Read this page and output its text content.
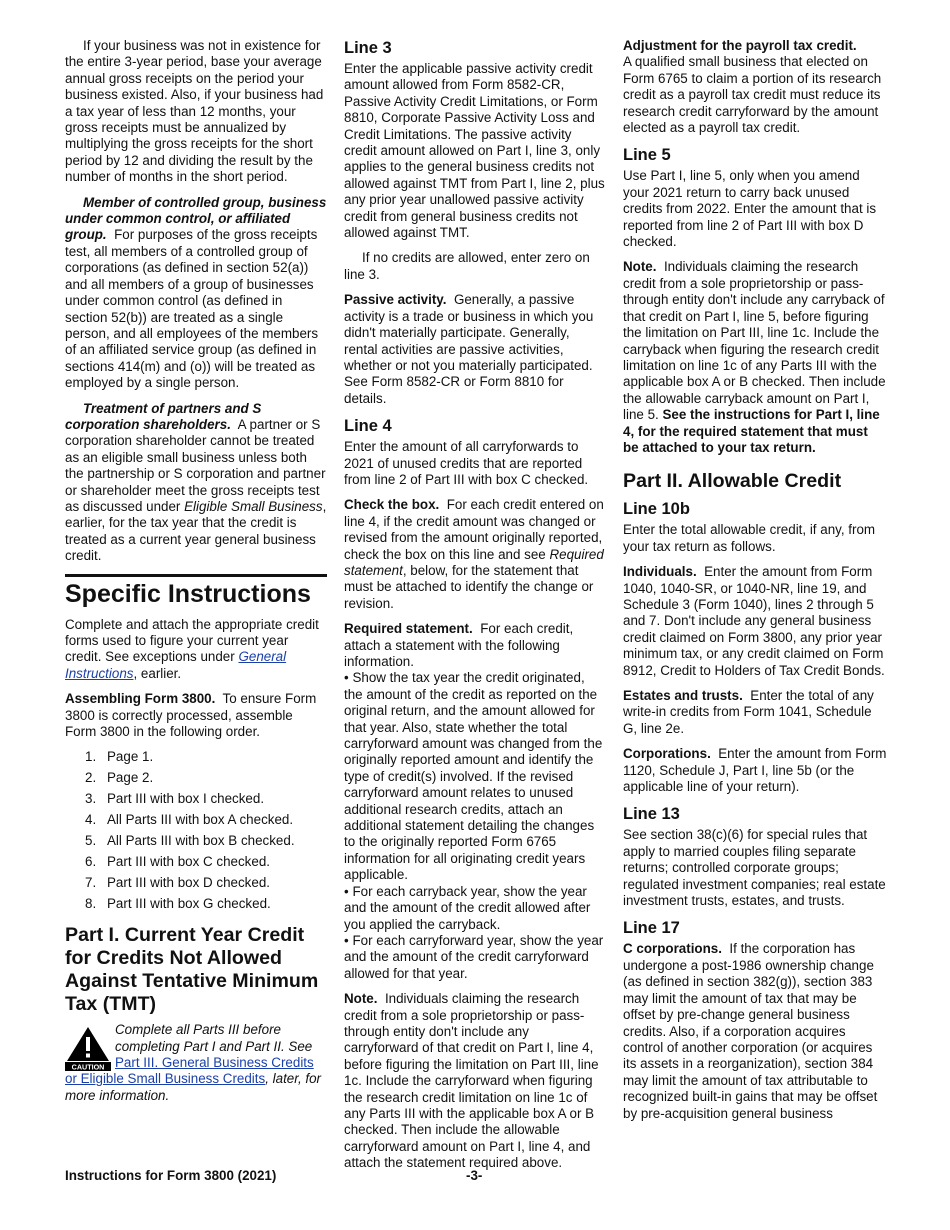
If your business was not in existence for the entire 3-year period, base your average annual gross receipts on the period your business existed. Also, if your business had a tax year of less than 12 months, your gross receipts must be annualized by multiplying the gross receipts for the short period by 12 and dividing the result by the number of months in the short period.

Member of controlled group, business under common control, or affiliated group. For purposes of the gross receipts test, all members of a controlled group of corporations (as defined in section 52(a)) and all members of a group of businesses under common control (as defined in section 52(b)) are treated as a single person, and all employees of the members of an affiliated service group (as defined in sections 414(m) and (o)) will be treated as employed by a single person.

Treatment of partners and S corporation shareholders. A partner or S corporation shareholder cannot be treated as an eligible small business unless both the partnership or S corporation and partner or shareholder meet the gross receipts test as discussed under Eligible Small Business, earlier, for the tax year that the credit is treated as a current year general business credit.

Specific Instructions

Complete and attach the appropriate credit forms used to figure your current year credit. See exceptions under General Instructions, earlier.

Assembling Form 3800. To ensure Form 3800 is correctly processed, assemble Form 3800 in the following order.

1. Page 1.
2. Page 2.
3. Part III with box I checked.
4. All Parts III with box A checked.
5. All Parts III with box B checked.
6. Part III with box C checked.
7. Part III with box D checked.
8. Part III with box G checked.
Part I. Current Year Credit for Credits Not Allowed Against Tentative Minimum Tax (TMT)
CAUTION

Complete all Parts III before completing Part I and Part II. See Part III. General Business Credits or Eligible Small Business Credits, later, for more information.

Line 3

Enter the applicable passive activity credit amount allowed from Form 8582-CR, Passive Activity Credit Limitations, or Form 8810, Corporate Passive Activity Loss and Credit Limitations. The passive activity credit amount allowed on Part I, line 3, only applies to the general business credits not allowed against TMT from Part I, line 2, plus any prior year unallowed passive activity credit from general business credits not allowed against TMT.

If no credits are allowed, enter zero on line 3.

Passive activity. Generally, a passive activity is a trade or business in which you didn't materially participate. Generally, rental activities are passive activities, whether or not you materially participated. See Form 8582-CR or Form 8810 for details.

Line 4

Enter the amount of all carryforwards to 2021 of unused credits that are reported from line 2 of Part III with box C checked.

Check the box. For each credit entered on line 4, if the credit amount was changed or revised from the amount originally reported, check the box on this line and see Required statement, below, for the statement that must be attached to identify the change or revision.

Required statement. For each credit, attach a statement with the following information.

• Show the tax year the credit originated, the amount of the credit as reported on the original return, and the amount allowed for that year. Also, state whether the total carryforward amount was changed from the originally reported amount and identify the type of credit(s) involved. If the revised carryforward amount relates to unused additional research credits, attach an additional statement detailing the changes to the originally reported Form 6765 information for all originating credit years applicable.

• For each carryback year, show the year and the amount of the credit allowed after you applied the carryback.

• For each carryforward year, show the year and the amount of the credit carryforward allowed for that year.

Note. Individuals claiming the research credit from a sole proprietorship or pass-through entity don't include any carryforward of that credit on Part I, line 4, before figuring the limitation on Part III, line 1c. Include the carryforward when figuring the research credit limitation on line 1c of any Parts III with the applicable box A or B checked. Then include the allowable carryforward amount on Part I, line 4, and attach the statement required above.

Adjustment for the payroll tax credit.
A qualified small business that elected on Form 6765 to claim a portion of its research credit as a payroll tax credit must reduce its research credit carryforward by the amount elected as a payroll tax credit.

Line 5

Use Part I, line 5, only when you amend your 2021 return to carry back unused credits from 2022. Enter the amount that is reported from line 2 of Part III with box D checked.

Note. Individuals claiming the research credit from a sole proprietorship or pass-through entity don't include any carryback of that credit on Part I, line 5, before figuring the limitation on Part III, line 1c. Include the carryback when figuring the research credit limitation on line 1c of any Parts III with the applicable box A or B checked. Then include the allowable carryback amount on Part I, line 5. See the instructions for Part I, line 4, for the required statement that must be attached to your tax return.

Part II. Allowable Credit
Line 10b

Enter the total allowable credit, if any, from your tax return as follows.

Individuals. Enter the amount from Form 1040, 1040-SR, or 1040-NR, line 19, and Schedule 3 (Form 1040), lines 2 through 5 and 7. Don't include any general business credit claimed on Form 3800, any prior year minimum tax, or any credit claimed on Form 8912, Credit to Holders of Tax Credit Bonds.

Estates and trusts. Enter the total of any write-in credits from Form 1041, Schedule G, line 2e.

Corporations. Enter the amount from Form 1120, Schedule J, Part I, line 5b (or the applicable line of your return).

Line 13

See section 38(c)(6) for special rules that apply to married couples filing separate returns; controlled corporate groups; regulated investment companies; real estate investment trusts, estates, and trusts.

Line 17

C corporations. If the corporation has undergone a post-1986 ownership change (as defined in section 382(g)), section 383 may limit the amount of tax that may be offset by pre-change general business credits. Also, if a corporation acquires control of another corporation (or acquires its assets in a reorganization), section 384 may limit the amount of tax attributable to recognized built-in gains that may be offset by pre-acquisition general business

Instructions for Form 3800 (2021)	-3-
